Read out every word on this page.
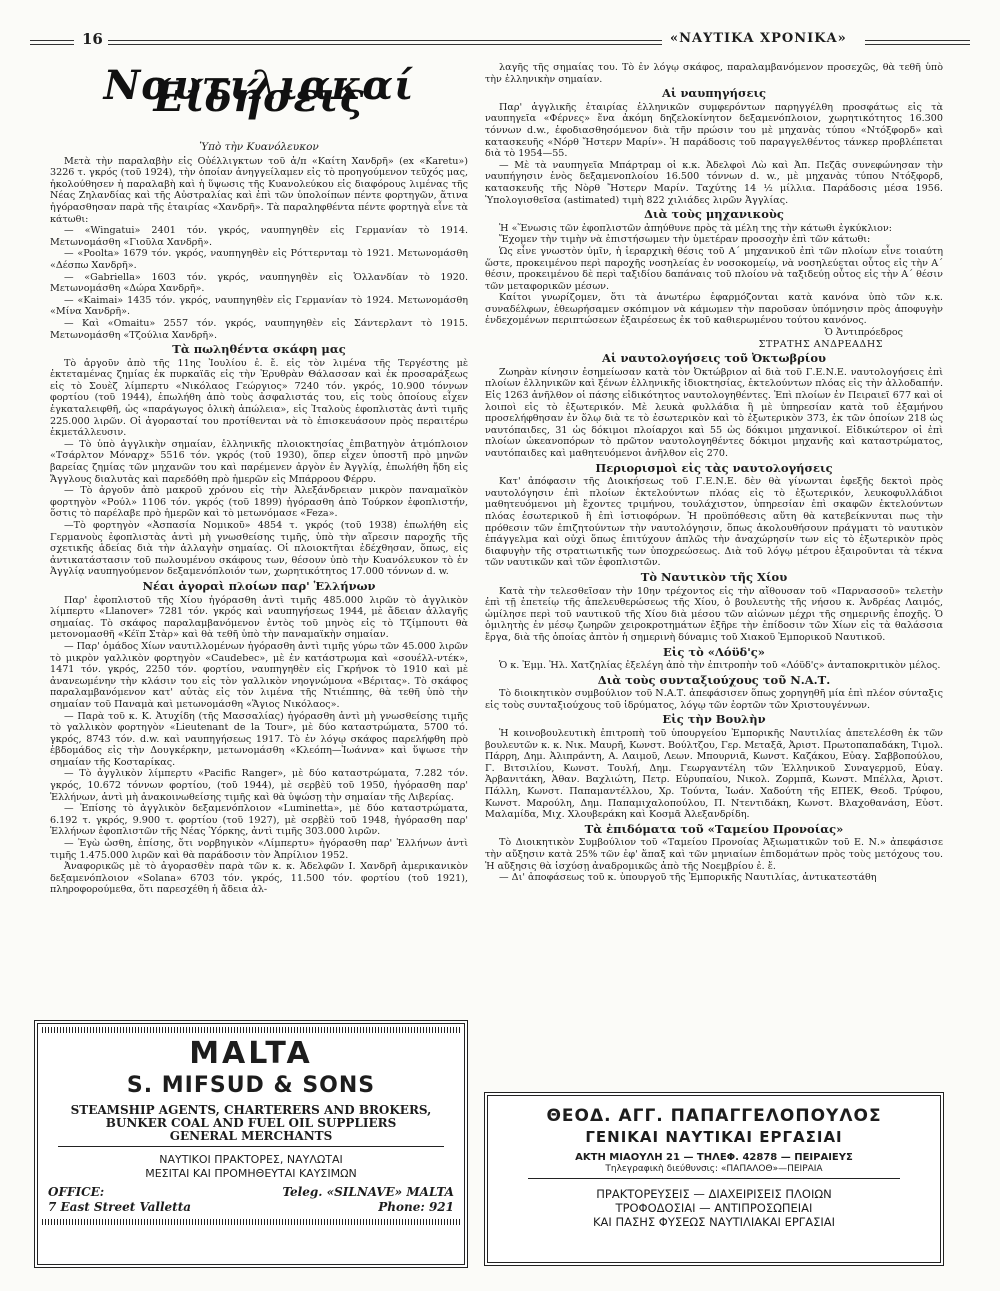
16	«ΝΑΥΤΙΚΑ ΧΡΟΝΙΚΑ»
Ναυτιλιακαί Είδήσεις
Ὑπὸ τὴν Κυανόλευκον

Μετὰ τὴν παραλαβὴν εἰς Οὐέλλιγκτων τοῦ ἀ/π «Καίτη Χανδρῆ» (ex «Karetu») 3226 τ. γκρός (τοῦ 1924), τὴν ὁποίαν ἀνηγγείλαμεν εἰς τὸ προηγούμενον τεῦχός μας, ἠκολούθησεν ἡ παραλαβὴ καὶ ἡ ὕψωσις τῆς Κυανολεύκου εἰς διαφόρους λιμένας τῆς Νέας Ζηλανδίας καὶ τῆς Αὐστραλίας καὶ ἐπὶ τῶν ὑπολοίπων πέντε φορτηγῶν, ἅτινα ἠγόρασθησαν παρὰ τῆς ἑταιρίας «Χανδρῆ». Τὰ παραληφθέντα πέντε φορτηγὰ εἶνε τὰ κάτωθι:

— «Wingatui» 2401 τόν. γκρός, ναυπηγηθὲν εἰς Γερμανίαν τὸ 1914. Μετωνομάσθη «Γιοῦλα Χανδρῆ».

— «Poolta» 1679 τόν. γκρός, ναυπηγηθὲν εἰς Ρόττερνταμ τὸ 1921. Μετωνομάσθη «Δέσπω Χανδρῆ».

— «Gabriella» 1603 τόν. γκρός, ναυπηγηθὲν εἰς Ὁλλανδίαν τὸ 1920. Μετωνομάσθη «Δώρα Χανδρῆ».

— «Kaimai» 1435 τόν. γκρός, ναυπηγηθὲν εἰς Γερμανίαν τὸ 1924. Μετωνομάσθη «Μίνα Χανδρῆ».

— Καὶ «Omaitu» 2557 τόν. γκρός, ναυπηγηθὲν εἰς Σάντερλαντ τὸ 1915. Μετωνομάσθη «Τζούλια Χανδρῆ».

Τὰ πωληθέντα σκάφη μας

Τὸ ἀργοῦν ἀπὸ τῆς 11ης Ἰουλίου ἐ. ἔ. εἰς τὸν λιμένα τῆς Τεργέστης μὲ ἐκτεταμένας ζημίας ἐκ πυρκαϊᾶς εἰς τὴν Ἐρυθρὰν Θάλασσαν καὶ ἐκ προσαράξεως εἰς τὸ Σουὲζ λίμπερτυ «Νικόλαος Γεώργιος» 7240 τόν. γκρός, 10.900 τόννων φορτίου (τοῦ 1944), ἐπωλήθη ἀπὸ τοὺς ἀσφαλιστάς του, εἰς τοὺς ὁποίους εἶχεν ἐγκαταλειφθῆ, ὡς «παράγωγος ὁλικὴ ἀπώλεια», εἰς Ἰταλοὺς ἐφοπλιστὰς ἀντὶ τιμῆς 225.000 λιρῶν. Οἱ ἀγορασταί του προτίθενται νὰ τὸ ἐπισκευάσουν πρὸς περαιτέρω ἐκμετάλλευσιν.

— Τὸ ὑπὸ ἀγγλικὴν σημαίαν, ἑλληνικῆς πλοιοκτησίας ἐπιβατηγὸν ἀτμόπλοιον «Τσάρλτον Μόναρχ» 5516 τόν. γκρός (τοῦ 1930), ὅπερ εἶχεν ὑποστῆ πρὸ μηνῶν βαρείας ζημίας τῶν μηχανῶν του καὶ παρέμενεν ἀργὸν ἐν Ἀγγλίᾳ, ἐπωλήθη ἤδη εἰς Ἄγγλους διαλυτὰς καὶ παρεδόθη πρὸ ἡμερῶν εἰς Μπάρροου Φέρρυ.

— Τὸ ἀργοῦν ἀπὸ μακροῦ χρόνου εἰς τὴν Ἀλεξάνδρειαν μικρὸν παναμαϊκὸν φορτηγὸν «Ρούλ» 1106 τόν. γκρός (τοῦ 1899) ἠγόρασθη ἀπὸ Τούρκον ἐφοπλιστήν, ὅστις τὸ παρέλαβε πρὸ ἡμερῶν καὶ τὸ μετωνόμασε «Feza».

—Τὸ φορτηγὸν «Ἀσπασία Νομικοῦ» 4854 τ. γκρός (τοῦ 1938) ἐπωλήθη εἰς Γερμανοὺς ἐφοπλιστὰς ἀντὶ μὴ γνωσθείσης τιμῆς, ὑπὸ τὴν αἵρεσιν παροχῆς τῆς σχετικῆς ἀδείας διὰ τὴν ἀλλαγὴν σημαίας. Οἱ πλοιοκτῆται ἐδέχθησαν, ὅπως, εἰς ἀντικατάστασιν τοῦ πωλουμένου σκάφους των, θέσουν ὑπὸ τὴν Κυανόλευκον τὸ ἐν Ἀγγλίᾳ ναυπηγούμενον δεξαμενόπλοιόν των, χωρητικότητος 17.000 τόννων d. w.

Νέαι ἀγοραὶ πλοίων παρ' Ἑλλήνων

Παρ' ἐφοπλιστοῦ τῆς Χίου ἠγόρασθη ἀντὶ τιμῆς 485.000 λιρῶν τὸ ἀγγλικὸν λίμπερτυ «Llanover» 7281 τόν. γκρός καὶ ναυπηγήσεως 1944, μὲ ἄδειαν ἀλλαγῆς σημαίας. Τὸ σκάφος παραλαμβανόμενον ἐντὸς τοῦ μηνὸς εἰς τὸ Τζίμπουτι θὰ μετονομασθῆ «Κέϊπ Στὰρ» καὶ θὰ τεθῆ ὑπὸ τὴν παναμαϊκὴν σημαίαν.

— Παρ' ὁμάδος Χίων ναυτιλλομένων ἠγόρασθη ἀντὶ τιμῆς γύρω τῶν 45.000 λιρῶν τὸ μικρὸν γαλλικὸν φορτηγὸν «Caudebec», μὲ ἐν κατάστρωμα καὶ «σουέλλ-ντέκ», 1471 τόν. γκρός, 2250 τόν. φορτίου, ναυπηγηθὲν εἰς Γκρήνοκ τὸ 1910 καὶ μὲ ἀνανεωμένην τὴν κλάσιν του εἰς τὸν γαλλικὸν νηογνώμονα «Βέριτας». Τὸ σκάφος παραλαμβανόμενον κατ' αὐτὰς εἰς τὸν λιμένα τῆς Ντιέππης, θὰ τεθῆ ὑπὸ τὴν σημαίαν τοῦ Παναμὰ καὶ μετωνομάσθη «Ἅγιος Νικόλαος».

— Παρὰ τοῦ κ. Κ. Ἀτυχίδη (τῆς Μασσαλίας) ἠγόρασθη ἀντὶ μὴ γνωσθείσης τιμῆς τὸ γαλλικὸν φορτηγὸν «Lieutenant de la Tour», μὲ δύο καταστρώματα, 5700 τό. γκρός, 8743 τόν. d.w. καὶ ναυπηγήσεως 1917. Τὸ ἐν λόγῳ σκάφος παρελήφθη πρὸ ἑβδομάδος εἰς τὴν Δουγκέρκην, μετωνομάσθη «Κλεόπη—Ἰωάννα» καὶ ὕψωσε τὴν σημαίαν τῆς Κοσταρίκας.

— Τὸ ἀγγλικὸν λίμπερτυ «Pacific Ranger», μὲ δύο καταστρώματα, 7.282 τόν. γκρός, 10.672 τόννων φορτίου, (τοῦ 1944), μὲ σερβὲϋ τοῦ 1950, ἠγόρασθη παρ' Ἑλλήνων, ἀντὶ μὴ ἀνακοινωθείσης τιμῆς καὶ θὰ ὑψώσῃ τὴν σημαίαν τῆς Λιβερίας.

— Ἐπίσης τὸ ἀγγλικὸν δεξαμενόπλοιον «Luminetta», μὲ δύο καταστρώματα, 6.192 τ. γκρός, 9.900 τ. φορτίου (τοῦ 1927), μὲ σερβὲϋ τοῦ 1948, ἠγόρασθη παρ' Ἑλλήνων ἐφοπλιστῶν τῆς Νέας Ὑόρκης, ἀντὶ τιμῆς 303.000 λιρῶν.

— Ἐγὼ ὠσθη, ἐπίσης, ὅτι νορβηγικὸν «Λίμπερτυ» ἠγόρασθη παρ' Ἑλλήνων ἀντὶ τιμῆς 1.475.000 λιρῶν καὶ θὰ παράδοσιν τὸν Ἀπρίλιον 1952.

Ἀναφορικῶς μὲ τὸ ἀγορασθὲν παρὰ τῶν κ. κ. Ἀδελφῶν Ι. Χανδρῆ ἀμερικανικὸν δεξαμενόπλοιον «Solana» 6703 τόν. γκρός, 11.500 τόν. φορτίου (τοῦ 1921), πληροφορούμεθα, ὅτι παρεσχέθη ἡ ἄδεια ἀλ-

λαγῆς τῆς σημαίας του. Τὸ ἐν λόγῳ σκάφος, παραλαμβανόμενον προσεχῶς, θὰ τεθῆ ὑπὸ τὴν ἑλληνικὴν σημαίαν.

Αἱ ναυπηγήσεις

Παρ' ἀγγλικῆς ἑταιρίας ἑλληνικῶν συμφερόντων παρηγγέλθη προσφάτως εἰς τὰ ναυπηγεῖα «Φέρνες» ἕνα ἀκόμη δηζελοκίνητον δεξαμενόπλοιον, χωρητικότητος 16.300 τόννων d.w., ἐφοδιασθησόμενον διὰ τῆν πρώσιν του μὲ μηχανὰς τύπου «Ντόξφορδ» καὶ κατασκευῆς «Νόρθ Ἤστερν Μαρίν». Ἡ παράδοσις τοῦ παραγγελθέντος τάνκερ προβλέπεται διὰ τὸ 1954—55.

— Μὲ τὰ ναυπηγεῖα Μπάρτραμ οἱ κ.κ. Ἀδελφοὶ Λὼ καὶ Ἀπ. Πεζᾶς συνεφώνησαν τὴν ναυπήγησιν ἑνὸς δεξαμενοπλοίου 16.500 τόννων d. w., μὲ μηχανὰς τύπου Ντόξφορδ, κατασκευῆς τῆς Νὸρθ Ἤστερν Μαρίν. Ταχύτης 14 ½ μίλλια. Παράδοσις μέσα 1956. Ὑπολογισθεῖσα (astimated) τιμὴ 822 χιλιάδες λιρῶν Ἀγγλίας.

Διὰ τοὺς μηχανικοὺς

Ἡ «Ἕνωσις τῶν ἐφοπλιστῶν ἀπηύθυνε πρὸς τὰ μέλη της τὴν κάτωθι ἐγκύκλιον:

Ἔχομεν τὴν τιμὴν νὰ ἐπιστήσωμεν τὴν ὑμετέραν προσοχὴν ἐπὶ τῶν κάτωθι:

Ὡς εἶνε γνωστὸν ὑμῖν, ἡ ἱεραρχικὴ θέσις τοῦ Α΄ μηχανικοῦ ἐπὶ τῶν πλοίων εἶνε τοιαύτη ὥστε, προκειμένου περὶ παροχῆς νοσηλείας ἐν νοσοκομείῳ, νὰ νοσηλεύεται οὗτος εἰς τὴν Α΄ θέσιν, προκειμένου δὲ περὶ ταξιδίου δαπάναις τοῦ πλοίου νὰ ταξιδεύῃ οὗτος εἰς τὴν Α΄ θέσιν τῶν μεταφορικῶν μέσων.

Καίτοι γνωρίζομεν, ὅτι τὰ ἀνωτέρω ἐφαρμόζονται κατὰ κανόνα ὑπὸ τῶν κ.κ. συναδέλφων, ἐθεωρήσαμεν σκόπιμον νὰ κάμωμεν τὴν παροῦσαν ὑπόμνησιν πρὸς ἀποφυγὴν ἐνδεχομένων περιπτώσεων ἐξαιρέσεως ἐκ τοῦ καθιερωμένου τούτου κανόνος.

Ὁ Ἀντιπρόεδρος
ΣΤΡΑΤΗΣ ΑΝΔΡΕΑΔΗΣ
Αἱ ναυτολογήσεις τοῦ Ὀκτωβρίου

Ζωηρὰν κίνησιν ἐσημείωσαν κατὰ τὸν Ὀκτώβριον αἱ διὰ τοῦ Γ.Ε.Ν.Ε. ναυτολογήσεις ἐπὶ πλοίων ἑλληνικῶν καὶ ξένων ἑλληνικῆς ἰδιοκτησίας, ἐκτελούντων πλόας εἰς τὴν ἀλλοδαπήν. Εἰς 1263 ἀνῆλθον οἱ πάσης εἰδικότητος ναυτολογηθέντες. Ἐπὶ πλοίων ἐν Πειραιεῖ 677 καὶ οἱ λοιποὶ εἰς τὸ ἐξωτερικόν. Μὲ λευκὰ φυλλάδια ἢ μὲ ὑπηρεσίαν κατὰ τοῦ ἐξαμήνου προσελήφθησαν ἐν ὅλῳ διὰ τε τὸ ἐσωτερικὸν καὶ τὸ ἐξωτερικὸν 373, ἐκ τῶν ὁποίων 218 ὡς ναυτόπαιδες, 31 ὡς δόκιμοι πλοίαρχοι καὶ 55 ὡς δόκιμοι μηχανικοί. Εἰδικώτερον οἱ ἐπὶ πλοίων ὠκεανοπόρων τὸ πρῶτον ναυτολογηθέντες δόκιμοι μηχανῆς καὶ καταστρώματος, ναυτόπαιδες καὶ μαθητευόμενοι ἀνῆλθον εἰς 270.

Περιορισμοὶ εἰς τὰς ναυτολογήσεις

Κατ' ἀπόφασιν τῆς Διοικήσεως τοῦ Γ.Ε.Ν.Ε. δὲν θὰ γίνωνται ἐφεξῆς δεκτοὶ πρὸς ναυτολόγησιν ἐπὶ πλοίων ἐκτελούντων πλόας εἰς τὸ ἐξωτερικόν, λευκοφυλλάδιοι μαθητευόμενοι μὴ ἔχοντες τριμήνου, τουλάχιστον, ὑπηρεσίαν ἐπὶ σκαφῶν ἐκτελούντων πλόας ἐσωτερικοῦ ἢ ἐπὶ ἱστιοφόρων. Ἡ προϋπόθεσις αὕτη θὰ κατεβείκνυται πως τὴν πρόθεσιν τῶν ἐπιζητούντων τὴν ναυτολόγησιν, ὅπως ἀκολουθήσουν πράγματι τὸ ναυτικὸν ἐπάγγελμα καὶ οὐχὶ ὅπως ἐπιτύχουν ἁπλῶς τὴν ἀναχώρησίν των εἰς τὸ ἐξωτερικὸν πρὸς διαφυγὴν τῆς στρατιωτικῆς των ὑποχρεώσεως. Διὰ τοῦ λόγῳ μέτρου ἐξαιροῦνται τὰ τέκνα τῶν ναυτικῶν καὶ τῶν ἐφοπλιστῶν.

Τὸ Ναυτικὸν τῆς Χίου

Κατὰ τὴν τελεσθεῖσαν τὴν 10ην τρέχοντος εἰς τὴν αἴθουσαν τοῦ «Παρνασσοῦ» τελετὴν ἐπὶ τῇ ἐπετείῳ τῆς ἀπελευθερώσεως τῆς Χίου, ὁ βουλευτὴς τῆς νήσου κ. Ἀνδρέας Λαιμός, ὡμίλησε περὶ τοῦ ναυτικοῦ τῆς Χίου διὰ μέσου τῶν αἰώνων μέχρι τῆς σημερινῆς ἐποχῆς. Ὁ ὁμιλητὴς ἐν μέσῳ ζωηρῶν χειροκροτημάτων ἐξῆρε τὴν ἐπίδοσιν τῶν Χίων εἰς τὰ θαλάσσια ἔργα, διὰ τῆς ὁποίας ἀπτὸν ἡ σημερινὴ δύναμις τοῦ Χιακοῦ Ἐμπορικοῦ Ναυτικοῦ.

Εἰς τὸ «Λόϋδ'ς»

Ὁ κ. Ἐμμ. Ἠλ. Χατζηλίας ἐξελέγη ἀπὸ τὴν ἐπιτροπὴν τοῦ «Λόϋδ'ς» ἀνταποκριτικὸν μέλος.

Διὰ τοὺς συνταξιούχους τοῦ Ν.Α.Τ.

Τὸ διοικητικὸν συμβούλιον τοῦ Ν.Α.Τ. ἀπεφάσισεν ὅπως χορηγηθῆ μία ἐπὶ πλέον σύνταξις εἰς τοὺς συνταξιούχους τοῦ ἱδρύματος, λόγῳ τῶν ἑορτῶν τῶν Χριστουγέννων.

Εἰς τὴν Βουλὴν

Ἡ κοινοβουλευτικὴ ἐπιτροπὴ τοῦ ὑπουργείου Ἐμπορικῆς Ναυτιλίας ἀπετελέσθη ἐκ τῶν βουλευτῶν κ. κ. Νικ. Μαυρῆ, Κωνστ. Βούλτζου, Γερ. Μεταξᾶ, Ἀριστ. Πρωτοπαπαδάκη, Τιμολ. Πάρρη, Δημ. Ἀλιπράντη, Α. Λαιμοῦ, Λεων. Μπουρνιᾶ, Κωνστ. Καζάκου, Εὐαγ. Σαββοπούλου, Γ. Βιτσιλίου, Κωνστ. Τουλή, Δημ. Γεωργαντέλη τῶν Ἑλληνικοῦ Συναγερμοῦ, Εὐαγ. Ἀρβανιτάκη, Ἀθαν. Βαχλιώτη, Πετρ. Εὐρυπαίου, Νικολ. Ζορμπᾶ, Κωνστ. Μπέλλα, Ἀριστ. Πάλλη, Κωνστ. Παπαμαντέλλου, Χρ. Τούντα, Ἰωάν. Χαδούτη τῆς ΕΠΕΚ, Θεοδ. Τρύφου, Κωνστ. Μαρούλη, Δημ. Παπαμιχαλοπούλου, Π. Ντεντιδάκη, Κωνστ. Βλαχοθανάση, Εὐστ. Μαλαμίδα, Μιχ. Χλουβεράκη καὶ Κοσμᾶ Ἀλεξανδρίδη.

Τὰ ἐπιδόματα τοῦ «Ταμείου Προνοίας»

Τὸ Διοικητικὸν Συμβούλιον τοῦ «Ταμείου Προνοίας Ἀξιωματικῶν τοῦ Ε. Ν.» ἀπεφάσισε τὴν αὔξησιν κατὰ 25% τῶν ἐφ' ἅπαξ καὶ τῶν μηνιαίων ἐπιδομάτων πρὸς τοὺς μετόχους του. Ἡ αὔξησις θὰ ἰσχύσῃ ἀναδρομικῶς ἀπὸ τῆς Νοεμβρίου ἐ. ἔ.

— Δι' ἀποφάσεως τοῦ κ. ὑπουργοῦ τῆς Ἐμπορικῆς Ναυτιλίας, ἀντικατεστάθη

MALTA
S. MIFSUD & SONS
STEAMSHIP AGENTS, CHARTERERS AND BROKERS,
BUNKER COAL AND FUEL OIL SUPPLIERS
GENERAL MERCHANTS
ΝΑΥΤΙΚΟΙ ΠΡΑΚΤΟΡΕΣ, ΝΑΥΛΩΤΑΙ
ΜΕΣΙΤΑΙ ΚΑΙ ΠΡΟΜΗΘΕΥΤΑΙ ΚΑΥΣΙΜΩΝ
OFFICE:	Teleg. «SILNAVE» MALTA
7 East Street Valletta	Phone: 921
ΘΕΟΔ. ΑΓΓ. ΠΑΠΑΓΓΕΛΟΠΟΥΛΟΣ
ΓΕΝΙΚΑΙ ΝΑΥΤΙΚΑΙ ΕΡΓΑΣΙΑΙ
ΑΚΤΗ ΜΙΑΟΥΛΗ 21 — ΤΗΛΕΦ. 42878 — ΠΕΙΡΑΙΕΥΣ
Τηλεγραφικὴ διεύθυνσις: «ΠΑΠΑΛΟΘ»—ΠΕΙΡΑΙΑ
ΠΡΑΚΤΟΡΕΥΣΕΙΣ — ΔΙΑΧΕΙΡΙΣΕΙΣ ΠΛΟΙΩΝ
ΤΡΟΦΟΔΟΣΙΑΙ — ΑΝΤΙΠΡΟΣΩΠΕΙΑΙ
ΚΑΙ ΠΑΣΗΣ ΦΥΣΕΩΣ ΝΑΥΤΙΛΙΑΚΑΙ ΕΡΓΑΣΙΑΙ
